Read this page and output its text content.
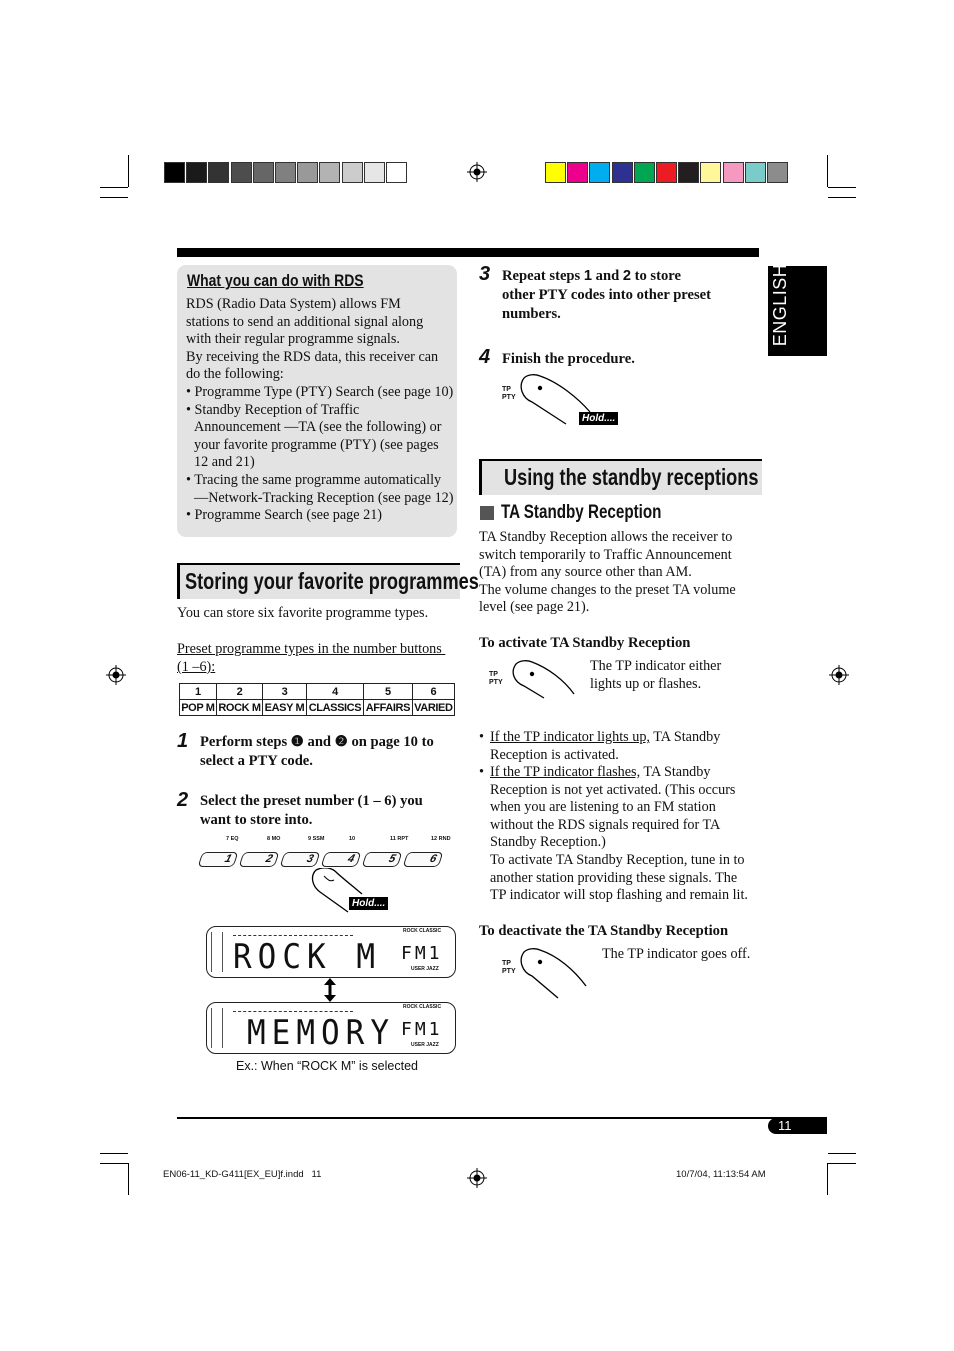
ENGLISH
What you can do with RDS
RDS (Radio Data System) allows FM
stations to send an additional signal along
with their regular programme signals.
By receiving the RDS data, this receiver can
do the following:
• Programme Type (PTY) Search (see page 10)
• Standby Reception of Traffic
Announcement —TA (see the following) or
your favorite programme (PTY) (see pages
12 and 21)
• Tracing the same programme automatically
—Network-Tracking Reception (see page 12)
• Programme Search (see page 21)
Storing your favorite programmes
You can store six favorite programme types.
Preset programme types in the number buttons
(1 –6):
1	2	3	4	5	6
POP M	ROCK M	EASY M	CLASSICS	AFFAIRS	VARIED
1 Perform steps ❶ and ❷ on page 10 to
select a PTY code.
2 Select the preset number (1 – 6) you
want to store into.
7 EQ	8 MO	9 SSM	10	11 RPT	12 RND
1	2	3	4	5	6
Hold....
ROCK M FM1
ROCK CLASSIC
USER JAZZ
MEMORY FM1
ROCK CLASSIC
USER JAZZ
Ex.: When “ROCK M” is selected
3 Repeat steps 1 and 2 to store
other PTY codes into other preset
numbers.
4 Finish the procedure.
TP
PTY
Hold....
Using the standby receptions
TA Standby Reception
TA Standby Reception allows the receiver to
switch temporarily to Traffic Announcement
(TA) from any source other than AM.
The volume changes to the preset TA volume
level (see page 21).
To activate TA Standby Reception
TP
PTY
The TP indicator either
lights up or flashes.
• If the TP indicator lights up, TA Standby
Reception is activated.
• If the TP indicator flashes, TA Standby
Reception is not yet activated. (This occurs
when you are listening to an FM station
without the RDS signals required for TA
Standby Reception.)
To activate TA Standby Reception, tune in to
another station providing these signals. The
TP indicator will stop flashing and remain lit.
To deactivate the TA Standby Reception
TP
PTY
The TP indicator goes off.
11
EN06-11_KD-G411[EX_EU]f.indd   11	10/7/04, 11:13:54 AM
